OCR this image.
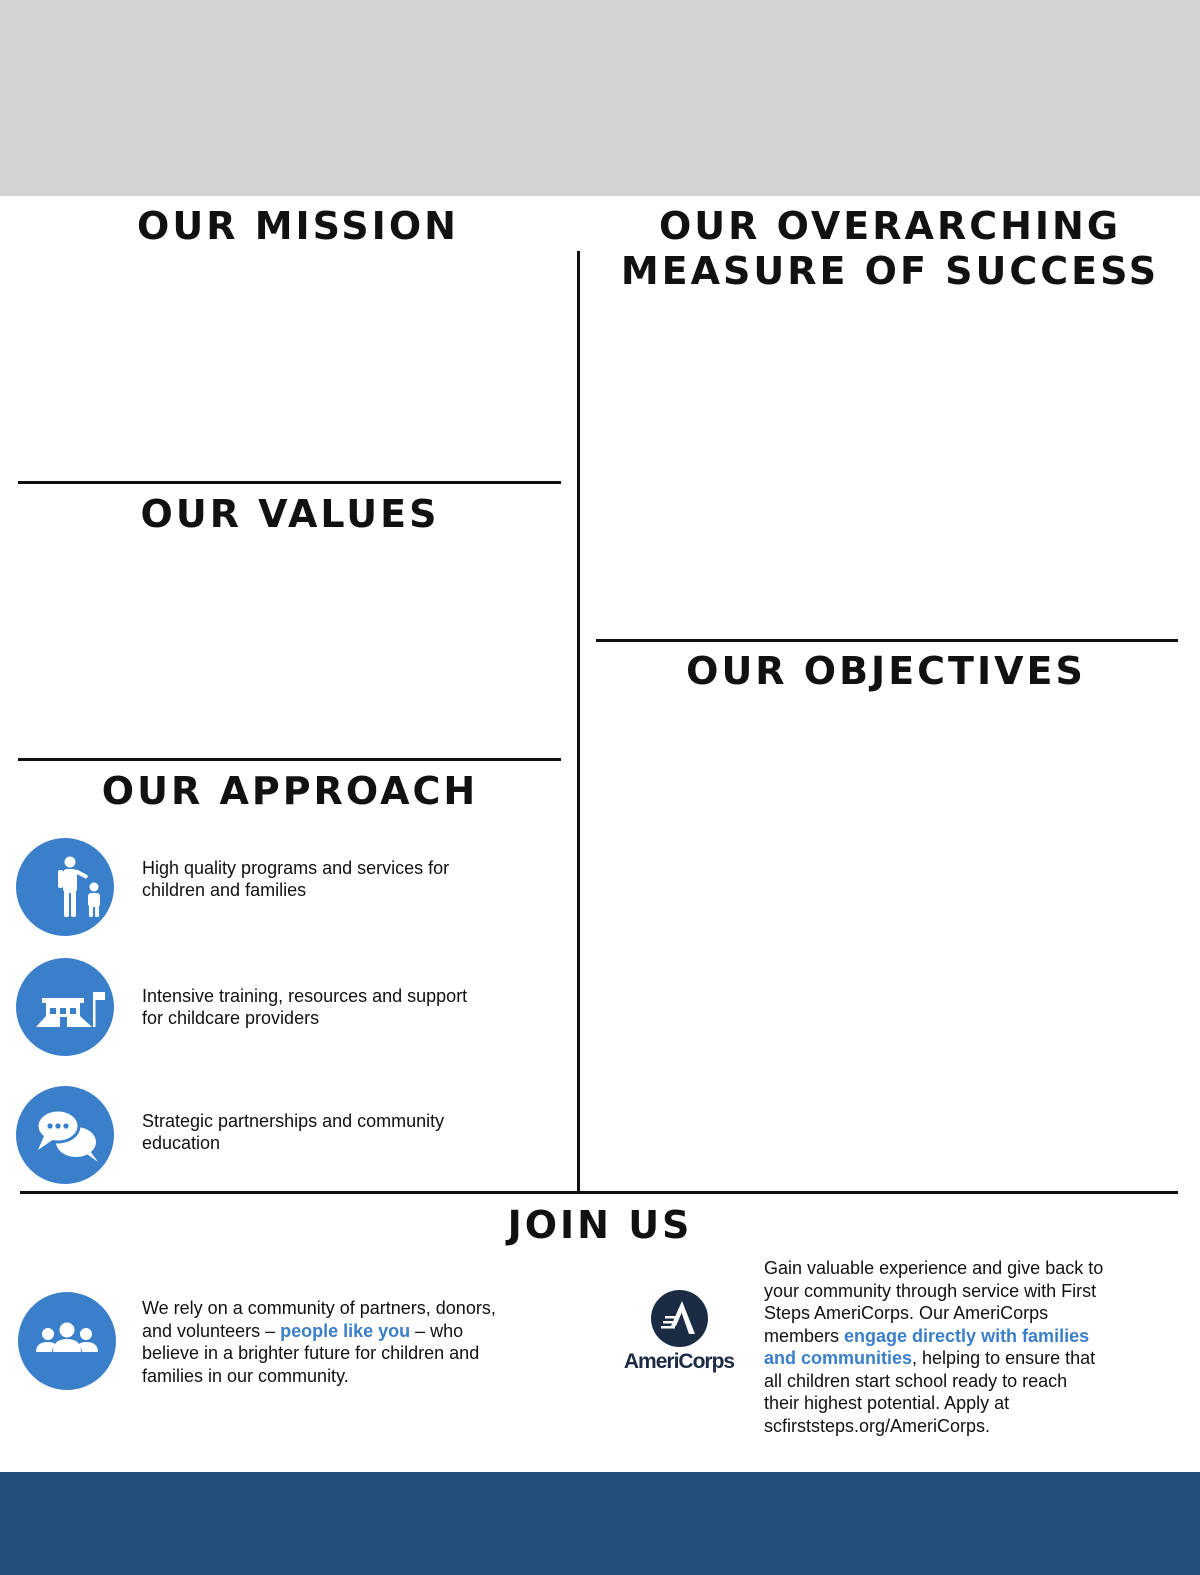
OUR MISSION	OUR OVERARCHING
MEASURE OF SUCCESS
OUR VALUES
OUR OBJECTIVES
OUR APPROACH
JOIN US

High quality programs and services for

children and families

Intensive training, resources and support

for childcare providers

Strategic partnerships and community

education

We rely on a community of partners, donors,

and volunteers – people like you – who

believe in a brighter future for children and

families in our community.

AmeriCorps

Gain valuable experience and give back to

your community through service with First

Steps AmeriCorps. Our AmeriCorps

members engage directly with families

and communities, helping to ensure that

all children start school ready to reach

their highest potential. Apply at

scfirststeps.org/AmeriCorps.
